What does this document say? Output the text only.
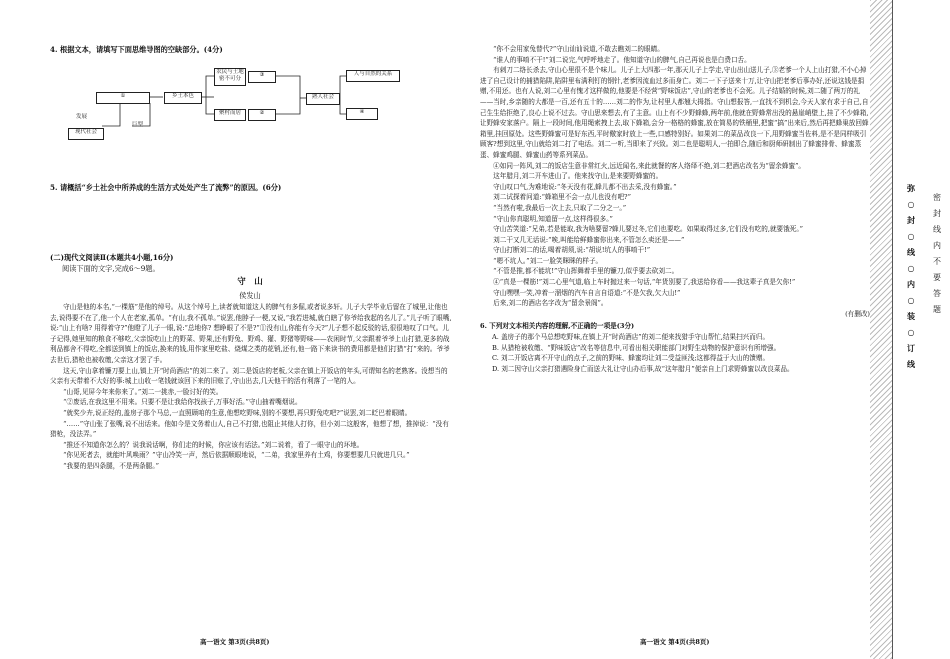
4. 根据文本，请填写下面思维导图的空缺部分。(4分)
①	乡土本色
农民与土地
密不可分
③
聚村而居	②
熟人社会
人与自然的关系
④
现代社会
发展
巨型
5. 请概括“乡土社会中所养成的生活方式处处产生了流弊”的原因。(6分)
(二)现代文阅读Ⅱ(本题共4小题,16分)
阅读下面的文字,完成6～9题。
守　山
侯发山

　　守山是他的本名,“一棵筋”是他的绰号。从这个绰号上,读者就知道这人的脾气有多倔,或者说多轩。儿子大学毕业后留在了城里,让他也去,说得要不在了,他一个人在老家,孤单。“有山,我不孤单。”说罢,他脖子一梗,又说,“我若进城,就白瞎了你爷给我起的名儿了。”儿子听了眼嘴,说:“山上有啥? 用得着守?”他瞪了儿子一眼,说:“总地你? 想睁眼了不是?”①没有山,你能有今天?”儿子想不起反驳的话,很很地叹了口气。儿子记得,她里知的粮食不够吃,父亲饭吃山上的野菜、野果,还有野兔、野鸡、獾、野猪等野味——农闲时节,父亲跟着爷爷上山打猎,更多的战利品都舍不得吃,全都送到镇上的饭店,换来的钱,用作家里吃盐、烧煤之类的花销,还有,他一路下来读书的费用都是他们打猎“打”来的。爷爷去世后,猎枪也被收缴,父亲这才罢了手。

　　这天,守山拿着镰刀要上山,镇上开“时尚酒店”的刘二来了。刘二是饭店的老板,父亲在镇上开饭店的年头,可谓知名的老熟客。没想当的父亲有天带着不大好的事:城上山收一笔钱就该回下来的旧账了,守山出去,几天他干的活有利落了一笔的人。

　　“山哥,见屏今年来你来了。”刘二一挑赤,一脸讨好的笑。

　　“②废话,在我这里不用来。只要不是让我给你找孩子,万事好活。”守山抽着嘴烟说。

　　“就奖少卉,说正经的,盖房子那个马总,一直照顾咱的生意,他想吃野味,别的不要想,再只野兔吃吧?”说罢,刘二眨巴着眼睛。

　　“……”守山张了张嘴,说不出话来。他如今是文务着山人,自己不打猎,也阻止其他人打你，但小刘二这般客，他想了想，推掉说：“没有猎枪，没法弄。”

　　“推还不知道你怎么的？说我说话啊，你们走的时候，你应该有话法。”刘二说着，看了一眼守山的坏地。

　　“你见死者去，就能叶风唤雨？”守山冷笑一声，然后依据顺眼地说，“二弟，我家里养有土鸡，你要想要几只就进几只。”

　　“我要的是四条腿，不是两条腿。”

高一语文 第3页(共8页)

　　“你不会用家兔替代?”守山讪讪说道,不敢去瞧刘二的眼睛。

　　“谁人的事唷不干!”刘二说完,气呼呼地走了。他知道守山的脾气,自己再说也是白费口舌。

　　有刺刀二络长杀去,守山心里很不是个味儿。儿子上大四那一年,那天儿子上学走,守山出山送儿子,③老爹一个人上山打猎,不小心掉进了自己设计的捕猎陷阱,陷阱里布满利钉的钢针,老爹因流血过多而身亡。刘二一下子送来十万,让守山把老爹后事办好,还说这钱是捐赠,不用还。也有人说,刘二心里有愧才这样做的,他要是不经营“野味饭店”,守山的老爹也不会死。儿子结婚的时候,刘二随了两万的礼——当时,乡亲随的大都是一百,还有五十的……刘二的作为,让村里人都翘大拇指。守山想报答,一直找不到机会,今天人家有求于自己,自己生生给拒绝了,良心上说不过去。守山思来想去,有了主意。山上有不少野蜂蜂,两年前,他就在野蜂常出没的悬崖峭壁上,挂了不少蜂箱,让野蜂安家落户。隔上一段时间,他用绳索拽上去,取下蜂箱,会分一格格的蜂蜜,放在简易的铁桶里,把蜜“搞”出来后,然后再把蜂巢放回蜂箱里,挂回原处。这些野蜂蜜可是好东西,平时儆家时放上一些,口感特别好。如果刘二的菜品改良一下,用野蜂蜜当佐料,是不是同样吸引顾客?想到这里,守山就给刘二打了电话。刘二一听,当即来了兴致。刘二也是聪明人,一拍即合,随后和厨师研制出了蜂蜜排骨、蜂蜜蒸蛋、蜂蜜鸡腿、蜂蜜山药等系列菜品。

　　④如同一阵风,刘二的饭店生意非常红火,远近闻名,来此就餐的客人络绎不绝,刘二把酒店改名为“留余蜂蜜”。

　　这年腊月,刘二开车进山了。他来找守山,是来要野蜂蜜的。

　　守山叹口气,为难地说:“冬天没有花,蜂儿都不出去采,没有蜂蜜。”

　　刘二试探着问道:“蜂箱里不会一点儿也没有吧?”

　　“当然有啦,我最后一次上去,只取了二分之一。”

　　“守山你真聪明,知道留一点,这样得很多。”

　　守山苦笑道:“兄弟,若是能取,我为啥要留?蜂儿要过冬,它们也要吃。如果取得过多,它们没有吃的,就要饿死。”

　　刘二干又几无话说:“唉,叫能给鲜蜂蜜你出来,不管怎么卖还是——”

　　守山打断刘二的话,喝着胡须,说:“胡说!坑人的事唷干!”

　　“嗯不坑人。”刘二一脸笑眯眯的样子。

　　“不管是推,都不能坑!”守山挥舞着手里的镰刀,似乎要去砍刘二。

　　④“真是一棵筋!”刘二心里气道,临上车时抛过来一句话,“年货别要了,我送给你看——我这辈子真是欠你!”

　　守山嘿嘿一笑,冲着一溜烟的汽车自言自语道:“不是欠我,欠大山!”

　　后来,刘二的酒店名字改为“留余景阁”。

(有删改)

6. 下列对文本相关内容的理解,不正确的一项是(3分)

A. 盖房子的那个马总想吃野味,在镇上开“时尚酒店”的刘二便来找猎手守山帮忙,结果扫兴而归。

B. 从猎枪被收缴、“野味饭店”改名等信息中,可看出相关职能部门对野生动物的保护意识有所增强。

C. 刘二开饭店离不开守山的点子,之前的野味、蜂蜜均让刘二受益匪浅;这都得益于大山的馈赠。

D. 刘二因守山父亲打猎遇险身亡而送大礼让守山办后事,故“这年腊月”便亲自上门求野蜂蜜以改良菜品。

高一语文 第4页(共8页)
弥
○
封
○
线
○
内
○
装
○
订
线
密
封
线
内
不
要
答
题
